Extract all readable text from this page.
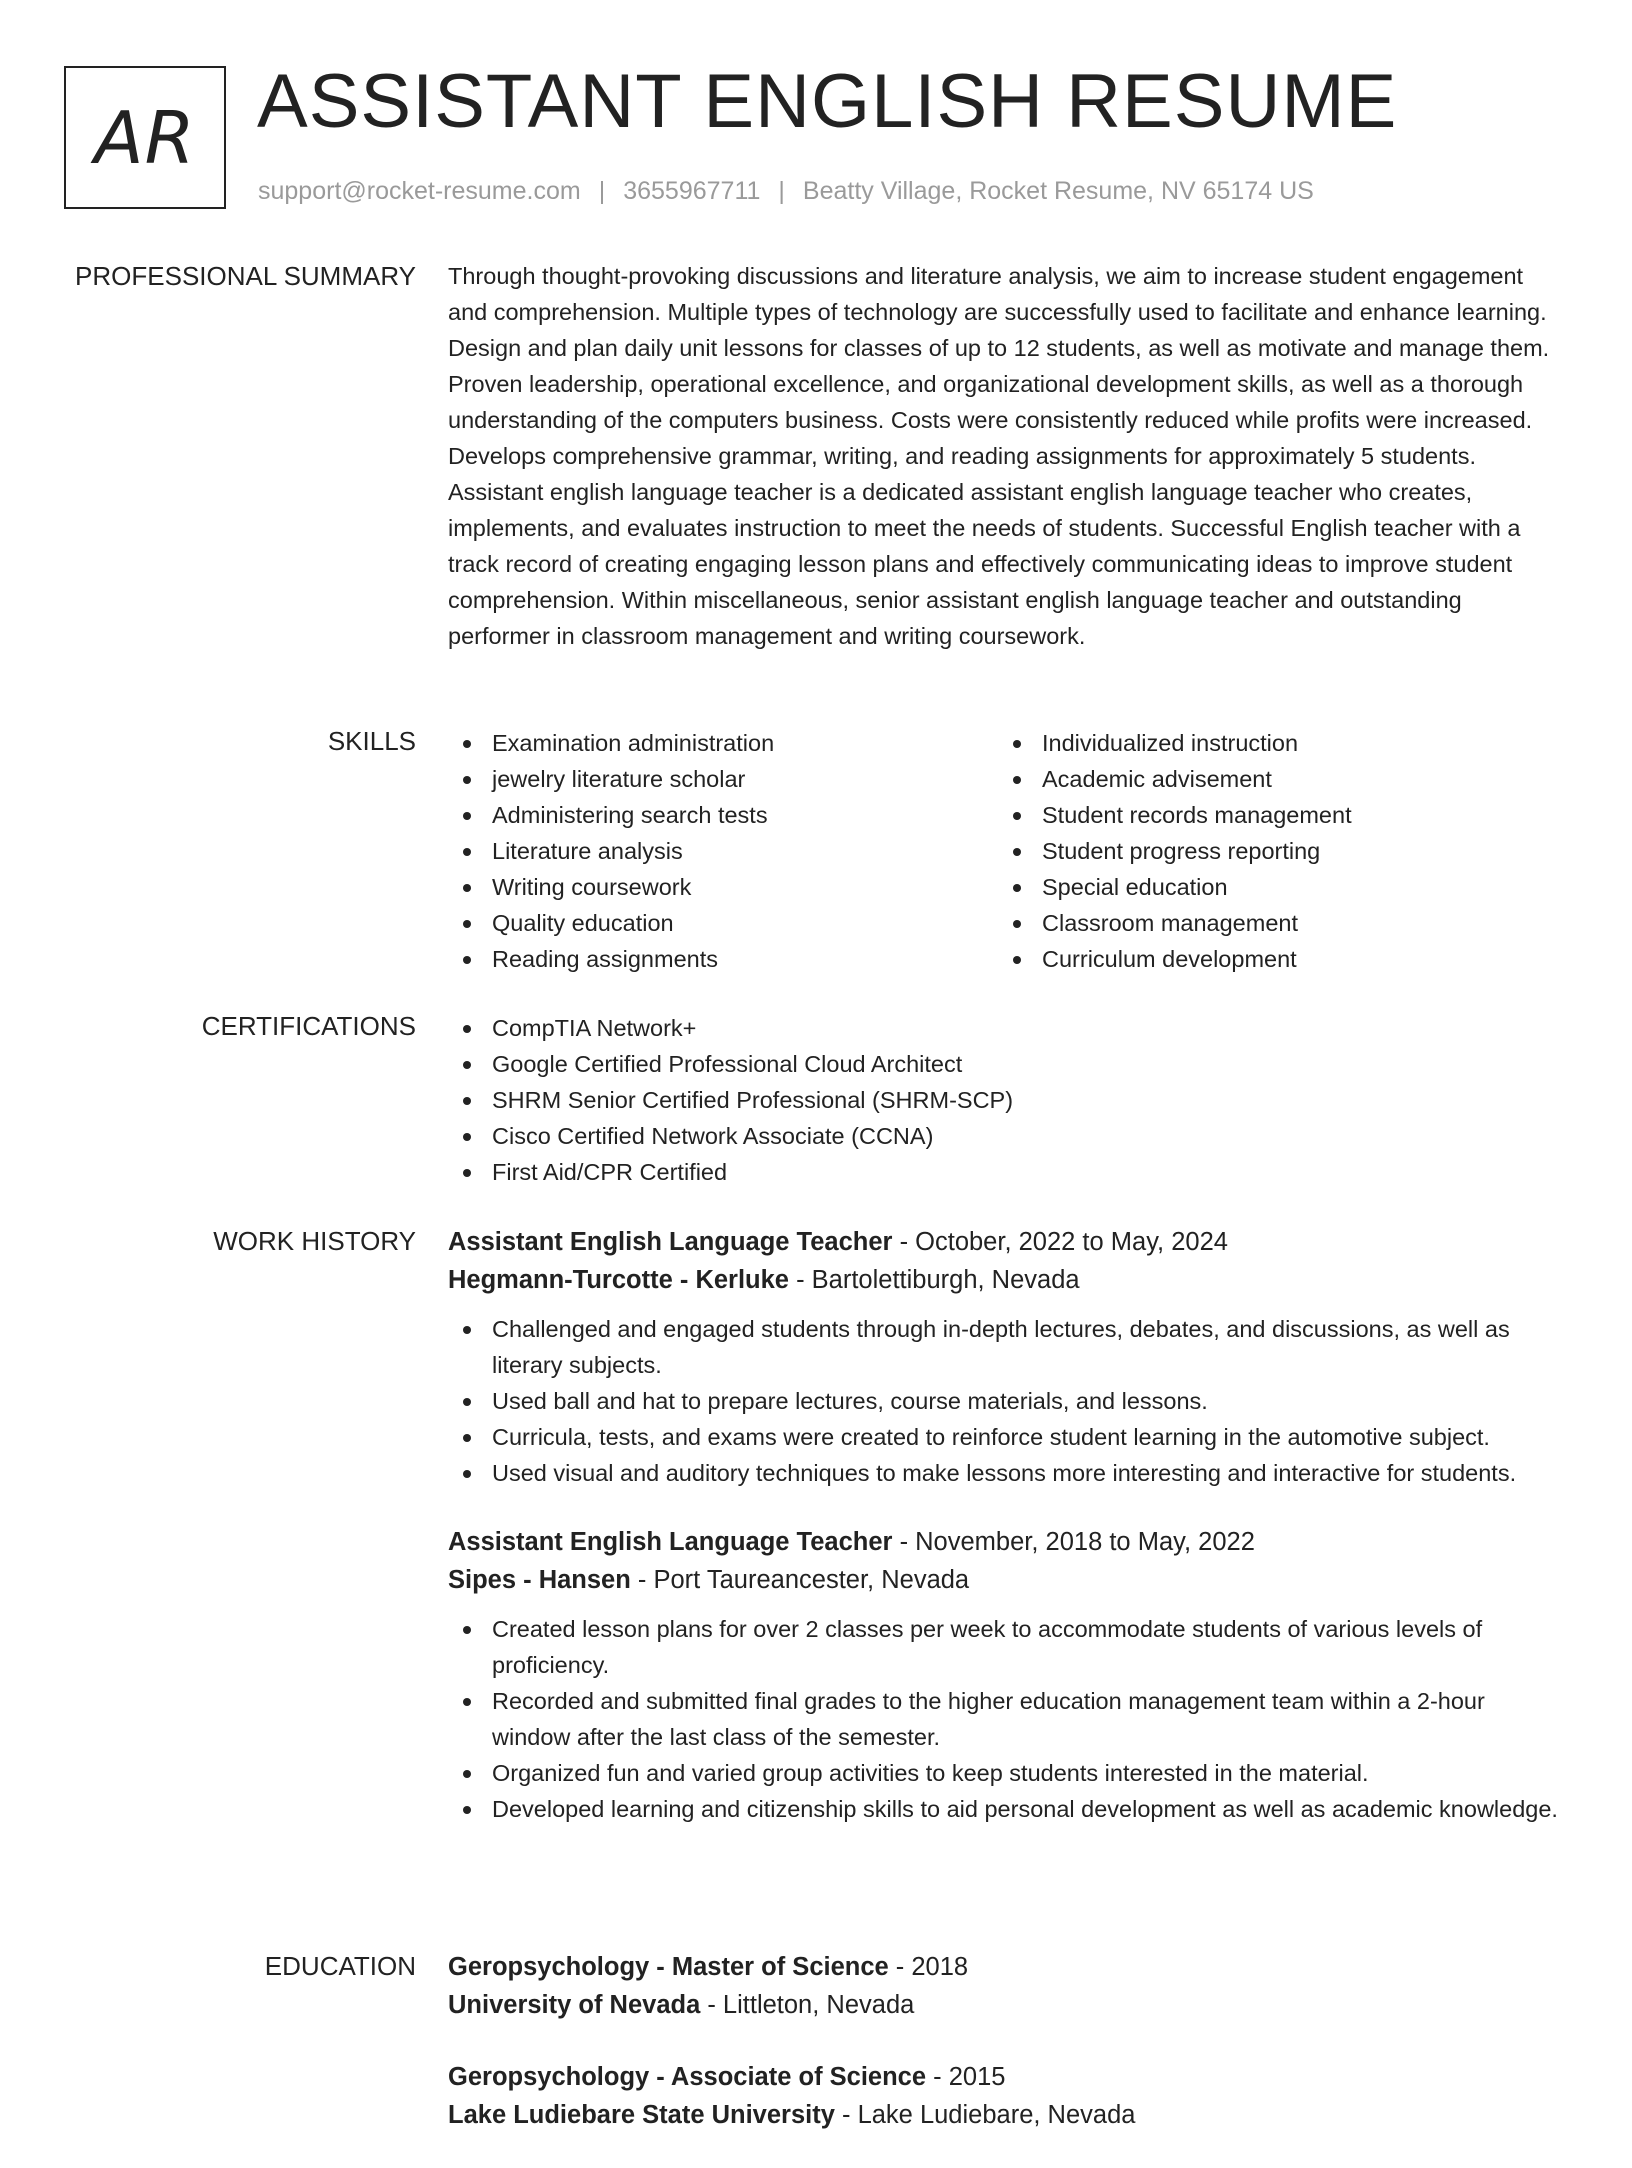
AR ASSISTANT ENGLISH RESUME
support@rocket-resume.com | 3655967711 | Beatty Village, Rocket Resume, NV 65174 US
PROFESSIONAL SUMMARY Through thought-provoking discussions and literature analysis, we aim to increase student engagement and comprehension. Multiple types of technology are successfully used to facilitate and enhance learning. Design and plan daily unit lessons for classes of up to 12 students, as well as motivate and manage them. Proven leadership, operational excellence, and organizational development skills, as well as a thorough understanding of the computers business. Costs were consistently reduced while profits were increased. Develops comprehensive grammar, writing, and reading assignments for approximately 5 students. Assistant english language teacher is a dedicated assistant english language teacher who creates, implements, and evaluates instruction to meet the needs of students. Successful English teacher with a track record of creating engaging lesson plans and effectively communicating ideas to improve student comprehension. Within miscellaneous, senior assistant english language teacher and outstanding performer in classroom management and writing coursework.
SKILLS	Examination administration
jewelry literature scholar
Administering search tests
Literature analysis
Writing coursework
Quality education
Reading assignments
Individualized instruction
Academic advisement
Student records management
Student progress reporting
Special education
Classroom management
Curriculum development
CERTIFICATIONS	CompTIA Network+
Google Certified Professional Cloud Architect
SHRM Senior Certified Professional (SHRM-SCP)
Cisco Certified Network Associate (CCNA)
First Aid/CPR Certified
WORK HISTORY Assistant English Language Teacher - October, 2022 to May, 2024
Hegmann-Turcotte - Kerluke - Bartolettiburgh, Nevada
Challenged and engaged students through in-depth lectures, debates, and discussions, as well as literary subjects.
Used ball and hat to prepare lectures, course materials, and lessons.
Curricula, tests, and exams were created to reinforce student learning in the automotive subject.
Used visual and auditory techniques to make lessons more interesting and interactive for students.
Assistant English Language Teacher - November, 2018 to May, 2022
Sipes - Hansen - Port Taureancester, Nevada
Created lesson plans for over 2 classes per week to accommodate students of various levels of proficiency.
Recorded and submitted final grades to the higher education management team within a 2-hour window after the last class of the semester.
Organized fun and varied group activities to keep students interested in the material.
Developed learning and citizenship skills to aid personal development as well as academic knowledge.
EDUCATION Geropsychology - Master of Science - 2018
University of Nevada - Littleton, Nevada
Geropsychology - Associate of Science - 2015
Lake Ludiebare State University - Lake Ludiebare, Nevada
